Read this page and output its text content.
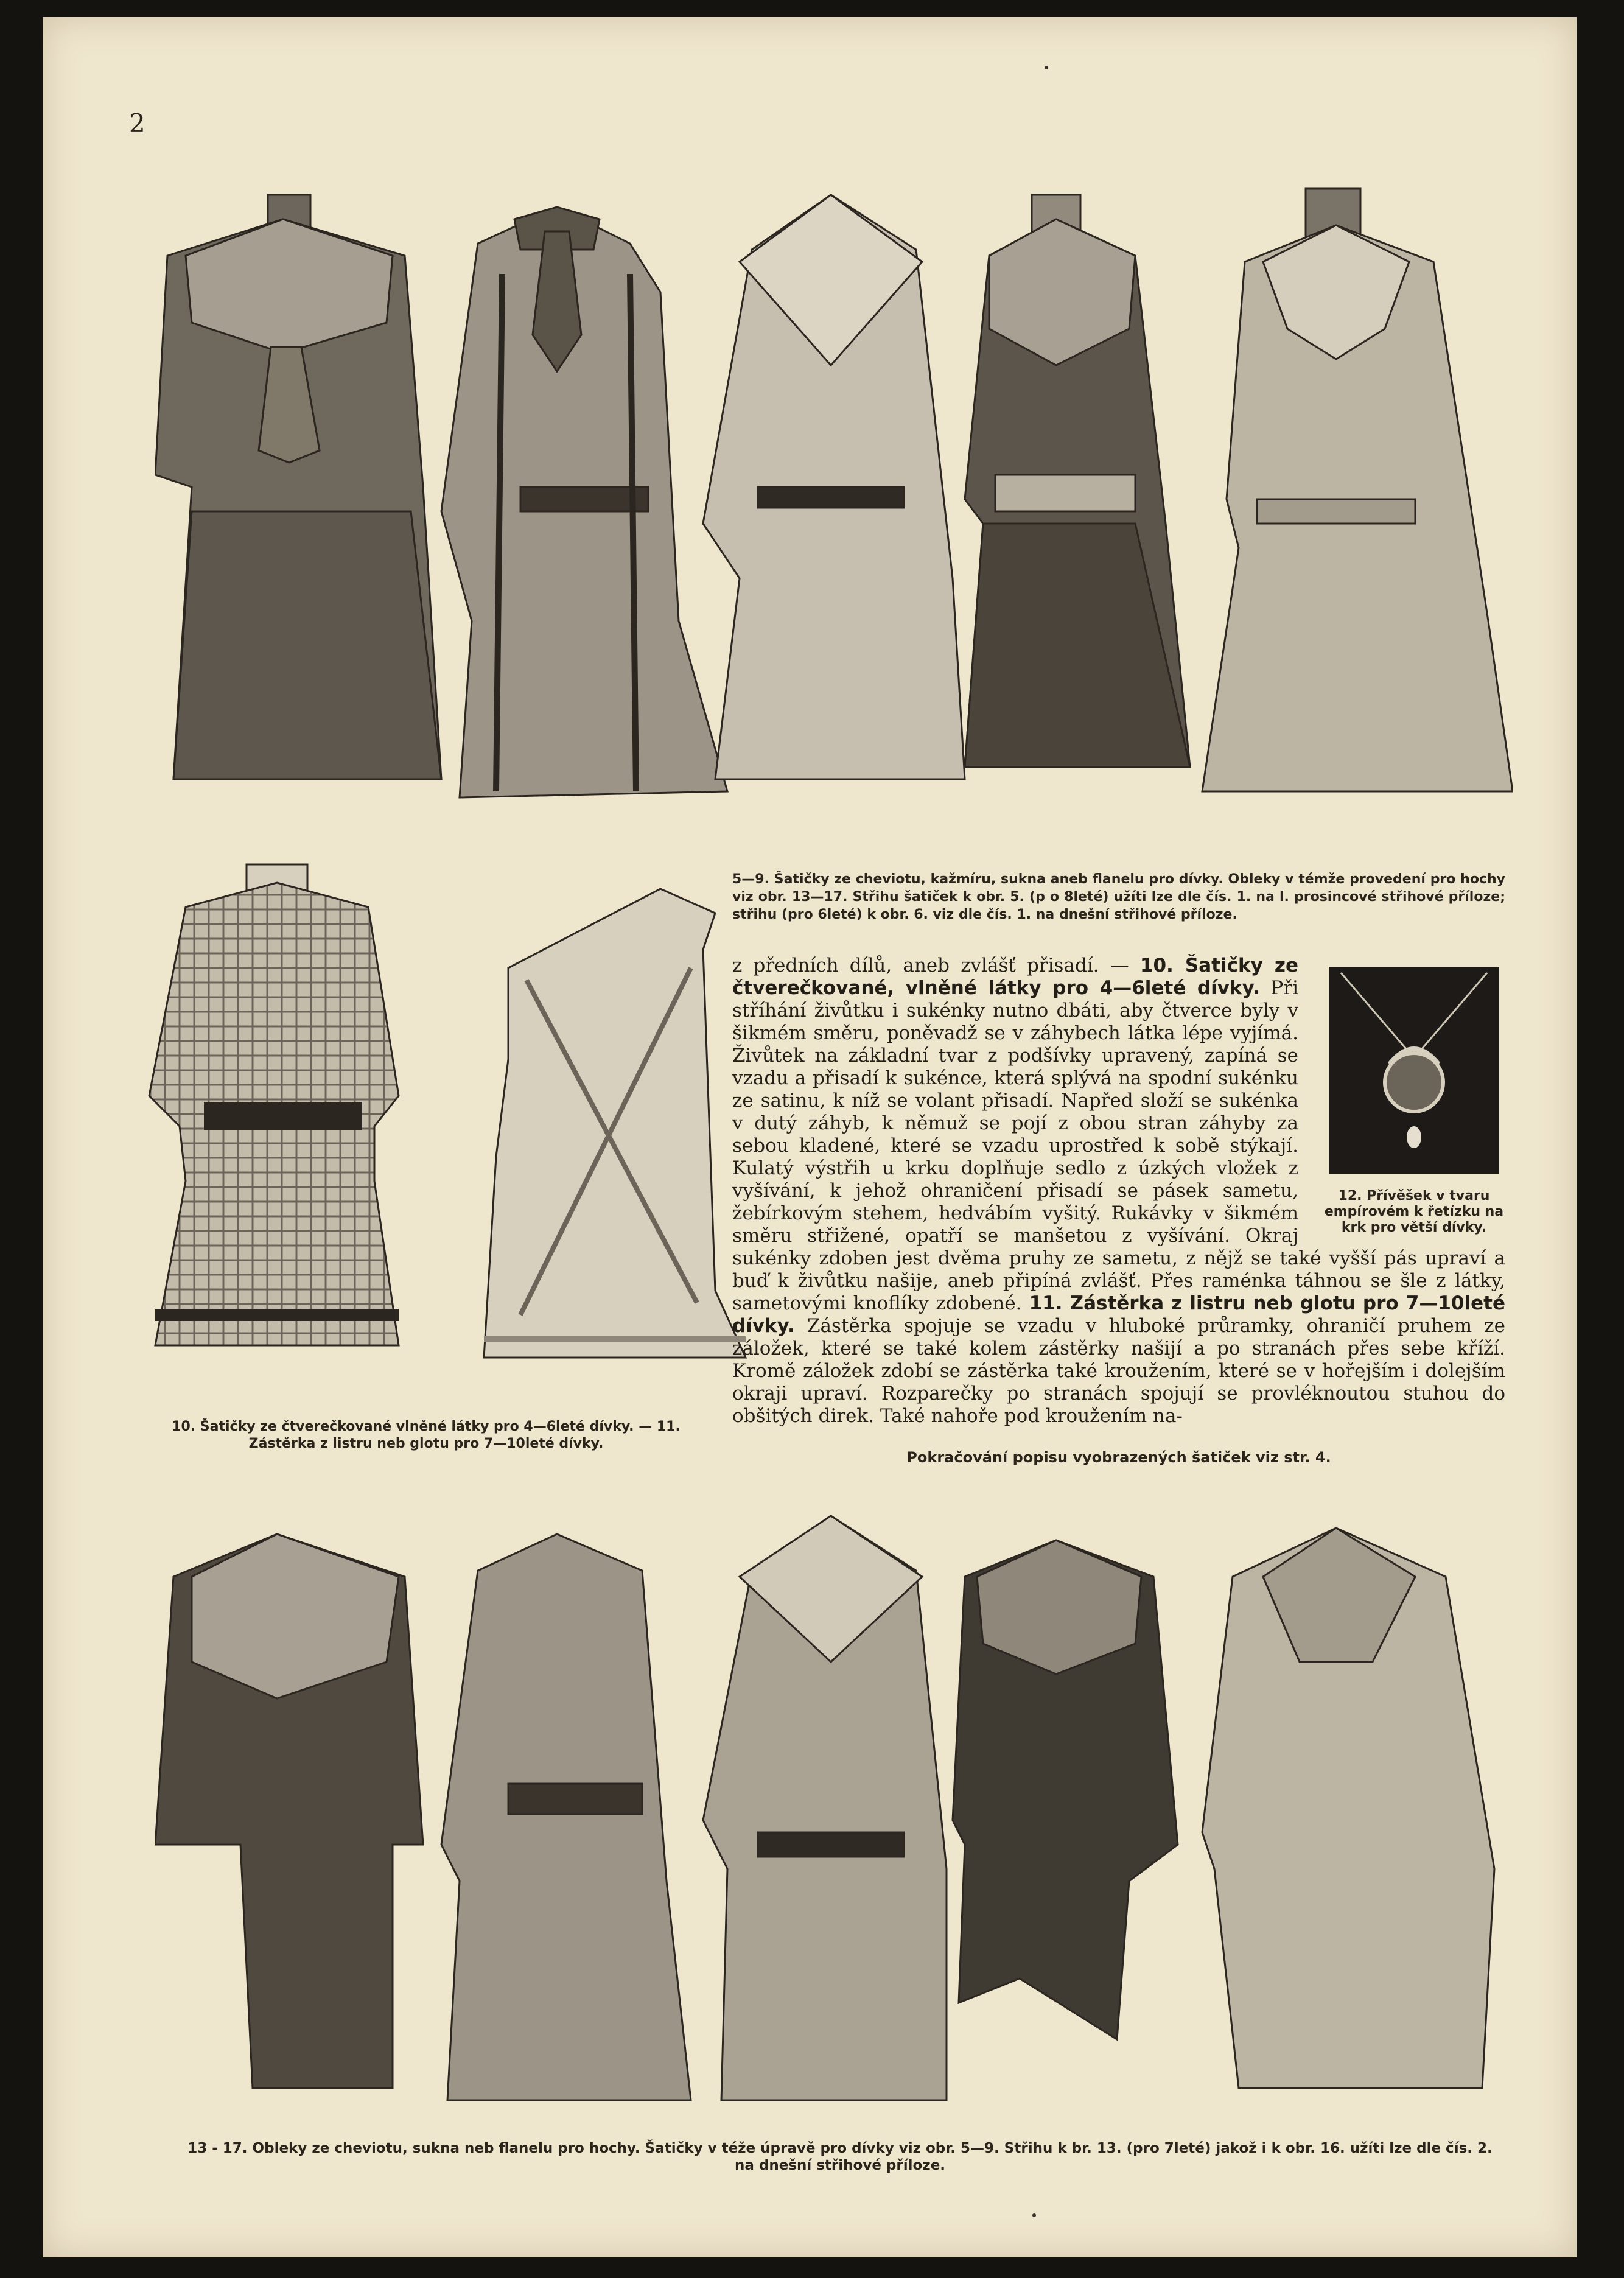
2
5—9. Šatičky ze cheviotu, kažmíru, sukna aneb flanelu pro dívky. Obleky v témže provedení pro hochy viz obr. 13—17. Střihu šatiček k obr. 5. (p o 8leté) užíti lze dle čís. 1. na l. prosincové střihové příloze; střihu (pro 6leté) k obr. 6. viz dle čís. 1. na dnešní střihové příloze.
10. Šatičky ze čtverečkované vlněné látky pro 4—6leté dívky. — 11. Zástěrka z listru neb glotu pro 7—10leté dívky.
12. Přívěšek v tvaru empírovém k řetízku na krk pro větší dívky.
z předních dílů, aneb zvlášť přisadí. — 10. Šatičky ze čtverečkované, vlněné látky pro 4—6leté dívky. Při stříhání živůtku i sukénky nutno dbáti, aby čtverce byly v šikmém směru, poněvadž se v záhybech látka lépe vyjímá. Živůtek na základní tvar z podšívky upravený, zapíná se vzadu a přisadí k sukénce, která splývá na spodní sukénku ze satinu, k níž se volant přisadí. Napřed složí se sukénka v dutý záhyb, k němuž se pojí z obou stran záhyby za sebou kladené, které se vzadu uprostřed k sobě stýkají. Kulatý výstřih u krku doplňuje sedlo z úzkých vložek z vyšívání, k jehož ohraničení přisadí se pásek sametu, žebírkovým stehem, hedvábím vyšitý. Rukávky v šikmém směru střižené, opatří se manšetou z vyšívání. Okraj sukénky zdoben jest dvěma pruhy ze sametu, z nějž se také vyšší pás upraví a buď k živůtku našije, aneb připíná zvlášť. Přes raménka táhnou se šle z látky, sametovými knoflíky zdobené. 11. Zástěrka z listru neb glotu pro 7—10leté dívky. Zástěrka spojuje se vzadu v hluboké průramky, ohraničí pruhem ze záložek, které se také kolem zástěrky našijí a po stranách přes sebe kříží. Kromě záložek zdobí se zástěrka také kroužením, které se v hořejším i dolejším okraji upraví. Rozparečky po stranách spojují se provléknoutou stuhou do obšitých direk. Také nahoře pod kroužením na-
Pokračování popisu vyobrazených šatiček viz str. 4.
13 - 17. Obleky ze cheviotu, sukna neb flanelu pro hochy. Šatičky v téže úpravě pro dívky viz obr. 5—9. Střihu k br. 13. (pro 7leté) jakož i k obr. 16. užíti lze dle čís. 2. na dnešní střihové příloze.
